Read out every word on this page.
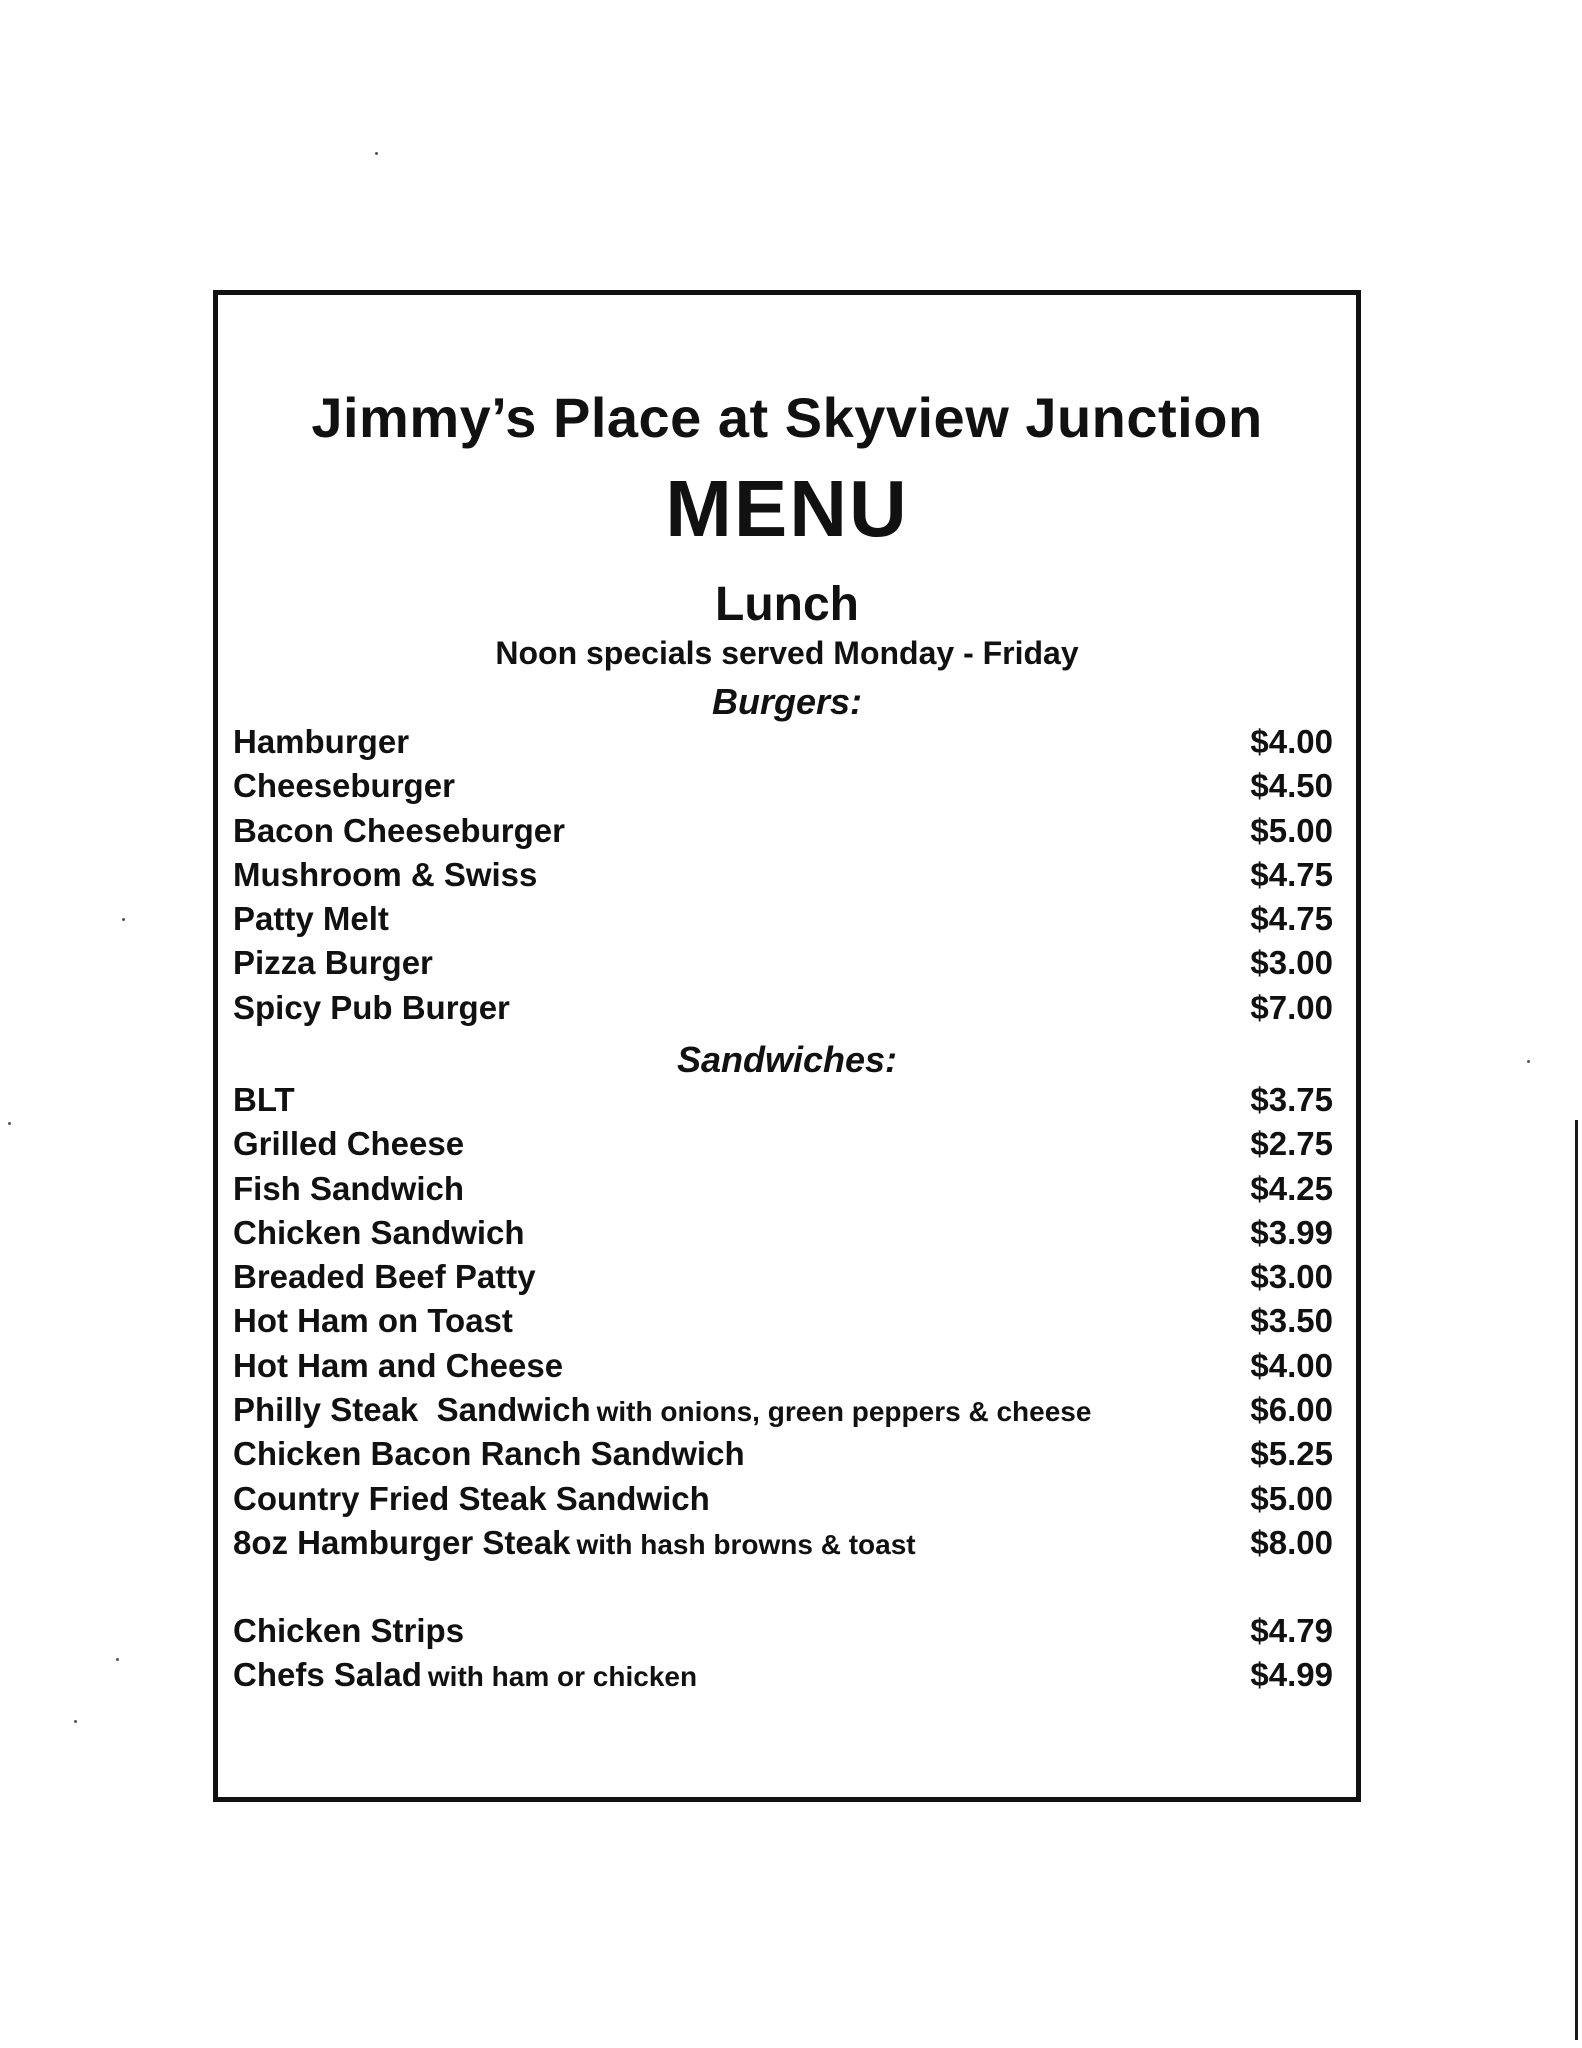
Jimmy’s Place at Skyview Junction
MENU
Lunch
Noon specials served Monday - Friday
Burgers:
Hamburger	$4.00
Cheeseburger	$4.50
Bacon Cheeseburger	$5.00
Mushroom & Swiss	$4.75
Patty Melt	$4.75
Pizza Burger	$3.00
Spicy Pub Burger	$7.00
Sandwiches:
BLT	$3.75
Grilled Cheese	$2.75
Fish Sandwich	$4.25
Chicken Sandwich	$3.99
Breaded Beef Patty	$3.00
Hot Ham on Toast	$3.50
Hot Ham and Cheese	$4.00
Philly Steak  Sandwich with onions, green peppers & cheese	$6.00
Chicken Bacon Ranch Sandwich	$5.25
Country Fried Steak Sandwich	$5.00
8oz Hamburger Steak with hash browns & toast	$8.00
Chicken Strips	$4.79
Chefs Salad with ham or chicken	$4.99
